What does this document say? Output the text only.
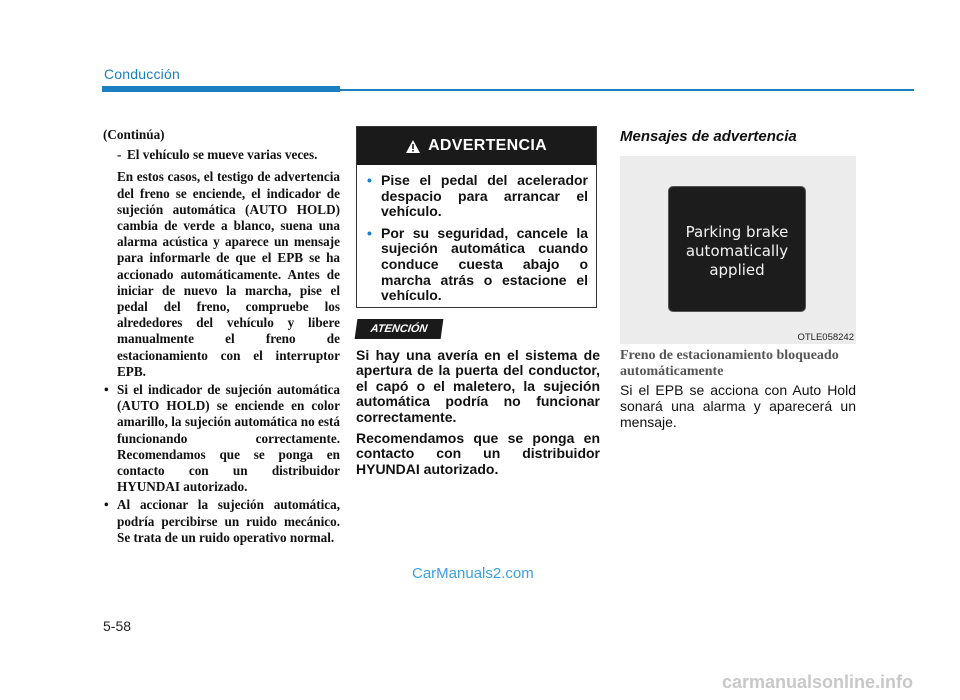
Conducción

(Continúa)

- El vehículo se mueve varias veces.

En estos casos, el testigo de advertencia del freno se enciende, el indicador de sujeción automática (AUTO HOLD) cambia de verde a blanco, suena una alarma acústica y aparece un mensaje para informarle de que el EPB se ha accionado automáticamente. Antes de iniciar de nuevo la marcha, pise el pedal del freno, compruebe los alrededores del vehículo y libere manualmente el freno de estacionamiento con el interruptor EPB.

• Si el indicador de sujeción automática (AUTO HOLD) se enciende en color amarillo, la sujeción automática no está funcionando correctamente. Recomendamos que se ponga en contacto con un distribuidor HYUNDAI autorizado.

• Al accionar la sujeción automática, podría percibirse un ruido mecánico. Se trata de un ruido operativo normal.

ADVERTENCIA
• Pise el pedal del acelerador despacio para arrancar el vehículo.
• Por su seguridad, cancele la sujeción automática cuando conduce cuesta abajo o marcha atrás o estacione el vehículo.
ATENCIÓN

Si hay una avería en el sistema de apertura de la puerta del conductor, el capó o el maletero, la sujeción automática podría no funcionar correctamente.

Recomendamos que se ponga en contacto con un distribuidor HYUNDAI autorizado.

Mensajes de advertencia
Parking brake
automatically
applied
OTLE058242
Freno de estacionamiento bloqueado automáticamente
Si el EPB se acciona con Auto Hold sonará una alarma y aparecerá un mensaje.
CarManuals2.com
5-58
carmanualsonline.info
